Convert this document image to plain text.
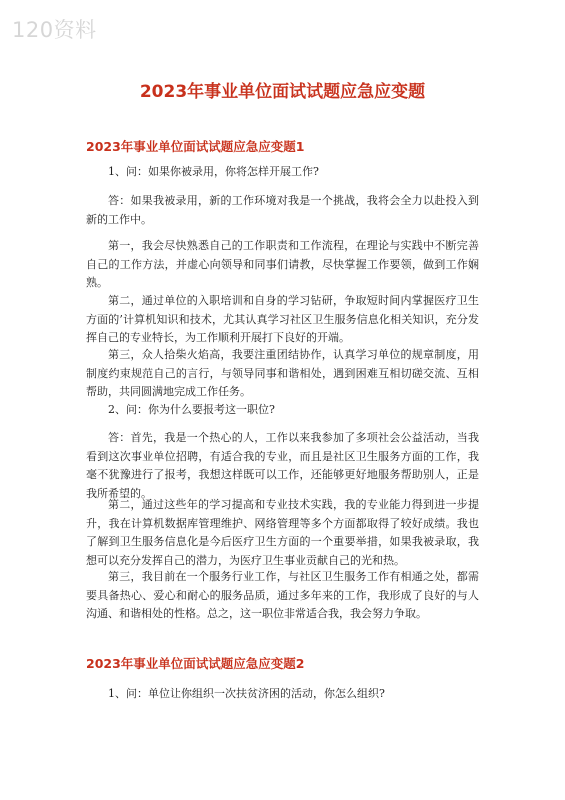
120资料
2023年事业单位面试试题应急应变题
2023年事业单位面试试题应急应变题1

1、问：如果你被录用，你将怎样开展工作?

答：如果我被录用，新的工作环境对我是一个挑战，我将会全力以赴投入到新的工作中。

第一，我会尽快熟悉自己的工作职责和工作流程，在理论与实践中不断完善自己的工作方法，并虚心向领导和同事们请教，尽快掌握工作要领，做到工作娴熟。

第二，通过单位的入职培训和自身的学习钻研，争取短时间内掌握医疗卫生方面的’计算机知识和技术，尤其认真学习社区卫生服务信息化相关知识，充分发挥自己的专业特长，为工作顺利开展打下良好的开端。

第三，众人拾柴火焰高，我要注重团结协作，认真学习单位的规章制度，用制度约束规范自己的言行，与领导同事和谐相处，遇到困难互相切磋交流、互相帮助，共同圆满地完成工作任务。

2、问：你为什么要报考这一职位?

答：首先，我是一个热心的人，工作以来我参加了多项社会公益活动，当我看到这次事业单位招聘，有适合我的专业，而且是社区卫生服务方面的工作，我毫不犹豫进行了报考，我想这样既可以工作，还能够更好地服务帮助别人，正是我所希望的。

第二，通过这些年的学习提高和专业技术实践，我的专业能力得到进一步提升，我在计算机数据库管理维护、网络管理等多个方面都取得了较好成绩。我也了解到卫生服务信息化是今后医疗卫生方面的一个重要举措，如果我被录取，我想可以充分发挥自己的潜力，为医疗卫生事业贡献自己的光和热。

第三，我目前在一个服务行业工作，与社区卫生服务工作有相通之处，都需要具备热心、爱心和耐心的服务品质，通过多年来的工作，我形成了良好的与人沟通、和谐相处的性格。总之，这一职位非常适合我，我会努力争取。

2023年事业单位面试试题应急应变题2

1、问：单位让你组织一次扶贫济困的活动，你怎么组织?
